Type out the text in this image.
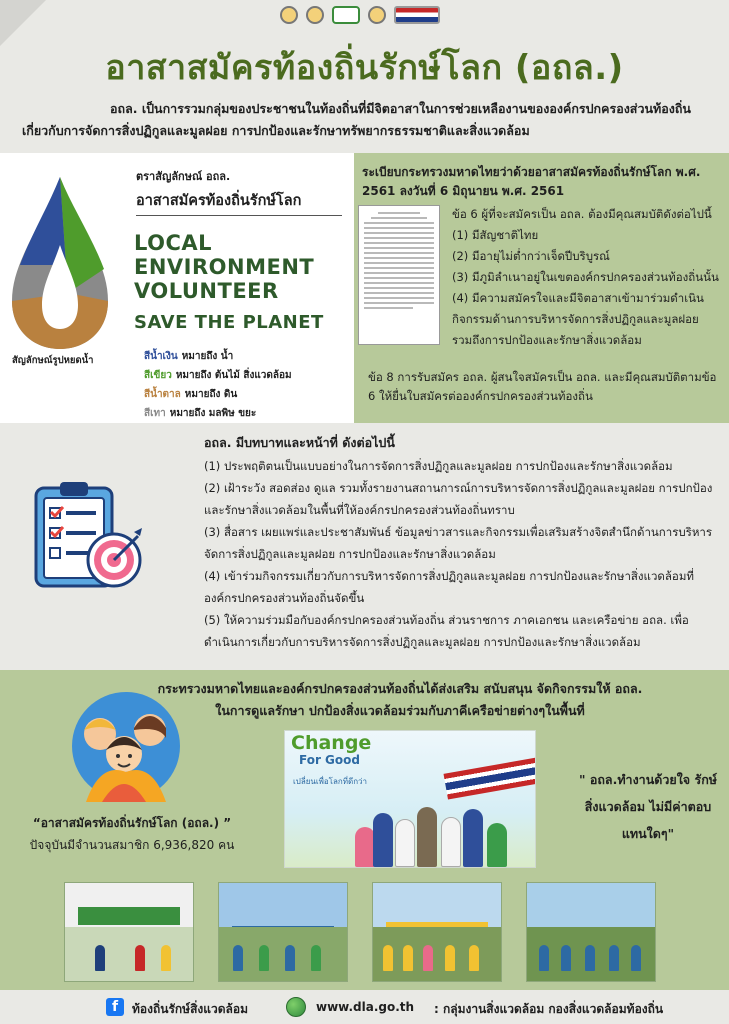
อาสาสมัครท้องถิ่นรักษ์โลก (อถล.)

อถล. เป็นการรวมกลุ่มของประชาชนในท้องถิ่นที่มีจิตอาสาในการช่วยเหลืองานขององค์กรปกครองส่วนท้องถิ่น เกี่ยวกับการจัดการสิ่งปฏิกูลและมูลฝอย การปกป้องและรักษาทรัพยากรธรรมชาติและสิ่งแวดล้อม

ตราสัญลักษณ์ อถล.
อาสาสมัครท้องถิ่นรักษ์โลก
LOCAL
ENVIRONMENT
VOLUNTEER
SAVE THE PLANET
สีน้ำเงิน หมายถึง น้ำ
สีเขียว หมายถึง ต้นไม้ สิ่งแวดล้อม
สีน้ำตาล หมายถึง ดิน
สีเทา หมายถึง มลพิษ ขยะ
สัญลักษณ์รูปหยดน้ำ
ระเบียบกระทรวงมหาดไทยว่าด้วยอาสาสมัครท้องถิ่นรักษ์โลก พ.ศ. 2561 ลงวันที่ 6 มิถุนายน พ.ศ. 2561
ข้อ 6 ผู้ที่จะสมัครเป็น อถล. ต้องมีคุณสมบัติดังต่อไปนี้
(1) มีสัญชาติไทย
(2) มีอายุไม่ต่ำกว่าเจ็ดปีบริบูรณ์
(3) มีภูมิลำเนาอยู่ในเขตองค์กรปกครองส่วนท้องถิ่นนั้น
(4) มีความสมัครใจและมีจิตอาสาเข้ามาร่วมดำเนินกิจกรรมด้านการบริหารจัดการสิ่งปฏิกูลและมูลฝอย รวมถึงการปกป้องและรักษาสิ่งแวดล้อม
ข้อ 8 การรับสมัคร อถล. ผู้สนใจสมัครเป็น อถล. และมีคุณสมบัติตามข้อ 6 ให้ยื่นใบสมัครต่อองค์กรปกครองส่วนท้องถิ่น
อถล. มีบทบาทและหน้าที่ ดังต่อไปนี้
(1) ประพฤติตนเป็นแบบอย่างในการจัดการสิ่งปฏิกูลและมูลฝอย การปกป้องและรักษาสิ่งแวดล้อม
(2) เฝ้าระวัง สอดส่อง ดูแล รวมทั้งรายงานสถานการณ์การบริหารจัดการสิ่งปฏิกูลและมูลฝอย การปกป้องและรักษาสิ่งแวดล้อมในพื้นที่ให้องค์กรปกครองส่วนท้องถิ่นทราบ
(3) สื่อสาร เผยแพร่และประชาสัมพันธ์ ข้อมูลข่าวสารและกิจกรรมเพื่อเสริมสร้างจิตสำนึกด้านการบริหารจัดการสิ่งปฏิกูลและมูลฝอย การปกป้องและรักษาสิ่งแวดล้อม
(4) เข้าร่วมกิจกรรมเกี่ยวกับการบริหารจัดการสิ่งปฏิกูลและมูลฝอย การปกป้องและรักษาสิ่งแวดล้อมที่องค์กรปกครองส่วนท้องถิ่นจัดขึ้น
(5) ให้ความร่วมมือกับองค์กรปกครองส่วนท้องถิ่น ส่วนราชการ ภาคเอกชน และเครือข่าย อถล. เพื่อดำเนินการเกี่ยวกับการบริหารจัดการสิ่งปฏิกูลและมูลฝอย การปกป้องและรักษาสิ่งแวดล้อม
กระทรวงมหาดไทยและองค์กรปกครองส่วนท้องถิ่นได้ส่งเสริม สนับสนุน จัดกิจกรรมให้ อถล. ในการดูแลรักษา ปกป้องสิ่งแวดล้อมร่วมกับภาคีเครือข่ายต่างๆในพื้นที่
“อาสาสมัครท้องถิ่นรักษ์โลก (อถล.) ”
ปัจจุบันมีจำนวนสมาชิก 6,936,820 คน
Change
For Good
เปลี่ยนเพื่อโลกที่ดีกว่า	" อถล.ทำงานด้วยใจ รักษ์สิ่งแวดล้อม ไม่มีค่าตอบแทนใดๆ"
f	ท้องถิ่นรักษ์สิ่งแวดล้อม	www.dla.go.th : กลุ่มงานสิ่งแวดล้อม กองสิ่งแวดล้อมท้องถิ่น
